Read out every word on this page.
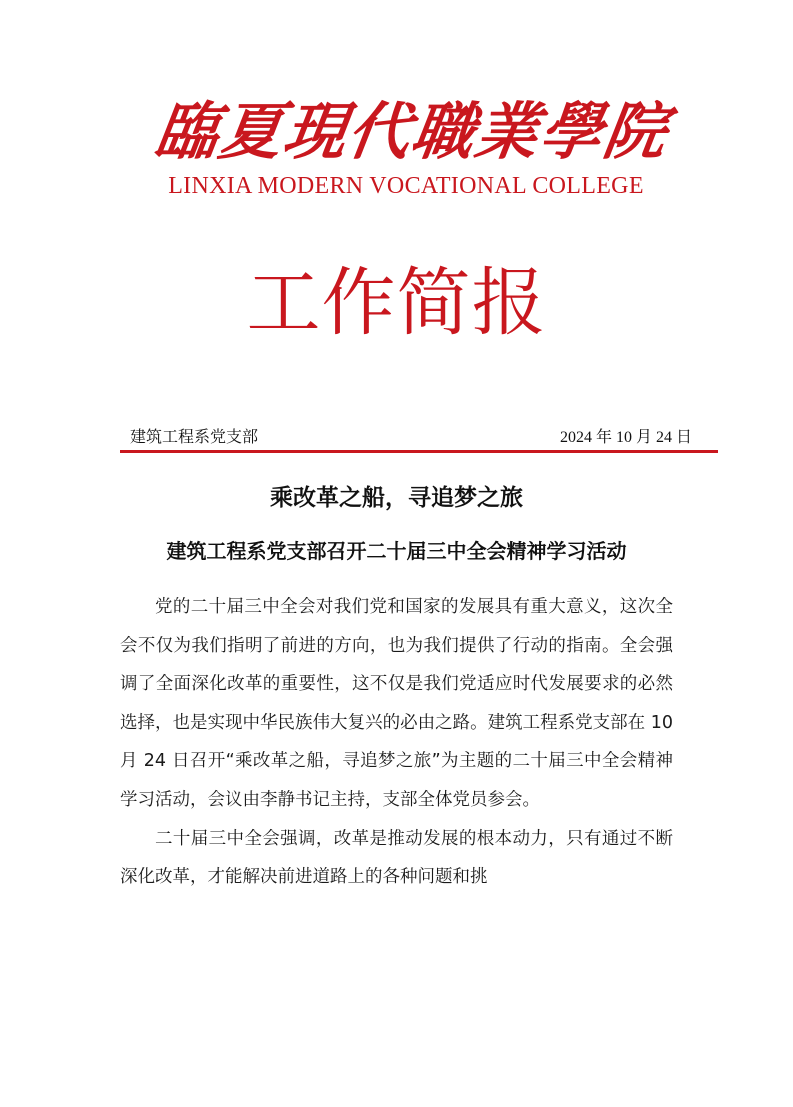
臨夏現代職業學院
LINXIA MODERN VOCATIONAL COLLEGE
工作简报
建筑工程系党支部	2024 年 10 月 24 日
乘改革之船，寻追梦之旅
建筑工程系党支部召开二十届三中全会精神学习活动

党的二十届三中全会对我们党和国家的发展具有重大意义，这次全会不仅为我们指明了前进的方向，也为我们提供了行动的指南。全会强调了全面深化改革的重要性，这不仅是我们党适应时代发展要求的必然选择，也是实现中华民族伟大复兴的必由之路。建筑工程系党支部在 10 月 24 日召开“乘改革之船，寻追梦之旅”为主题的二十届三中全会精神学习活动，会议由李静书记主持，支部全体党员参会。

二十届三中全会强调，改革是推动发展的根本动力，只有通过不断深化改革，才能解决前进道路上的各种问题和挑
